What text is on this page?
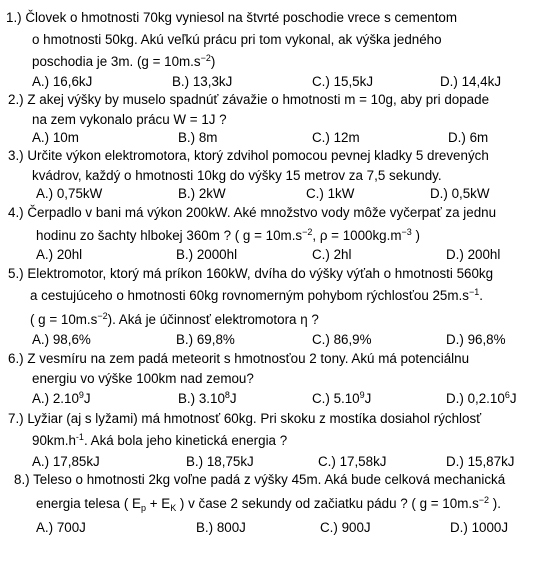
1.) Človek o hmotnosti 70kg vyniesol na štvrté poschodie vrece s cementom
o hmotnosti 50kg. Akú veľkú prácu pri tom vykonal, ak výška jedného
poschodia je 3m. $(g = 10m.s^{-2})$
A.) 16,6kJ	B.) 13,3kJ	C.) 15,5kJ	D.) 14,4kJ
2.) Z akej výšky by muselo spadnúť závažie o hmotnosti m = 10g, aby pri dopade
na zem vykonalo prácu W = 1J ?
A.) 10m	B.) 8m	C.) 12m	D.) 6m
3.) Určite výkon elektromotora, ktorý zdvihol pomocou pevnej kladky 5 drevených
kvádrov, každý o hmotnosti 10kg do výšky 15 metrov za 7,5 sekundy.
A.) 0,75kW	B.) 2kW	C.) 1kW	D.) 0,5kW
4.) Čerpadlo v bani má výkon 200kW. Aké množstvo vody môže vyčerpať za jednu
hodinu zo šachty hlbokej 360m ? ( $g = 10m.s^{-2}$, $\rho = 1000kg.m^{-3}$ )
A.) 20hl	B.) 2000hl	C.) 2hl	D.) 200hl
5.) Elektromotor, ktorý má príkon 160kW, dvíha do výšky výťah o hmotnosti 560kg
a cestujúceho o hmotnosti 60kg rovnomerným pohybom rýchlosťou $25m.s^{-1}$.
( $g = 10m.s^{-2}$). Aká je účinnosť elektromotora η ?
A.) 98,6%	B.) 69,8%	C.) 86,9%	D.) 96,8%
6.) Z vesmíru na zem padá meteorit s hmotnosťou 2 tony. Akú má potenciálnu
energiu vo výške 100km nad zemou?
A.) 2.10$^9$J	B.) 3.10$^8$J	C.) 5.10$^9$J	D.) 0,2.10$^6$J
7.) Lyžiar (aj s lyžami) má hmotnosť 60kg. Pri skoku z mostíka dosiahol rýchlosť
$90km.h^{-1}$. Aká bola jeho kinetická energia ?
A.) 17,85kJ	B.) 18,75kJ	C.) 17,58kJ	D.) 15,87kJ
8.) Teleso o hmotnosti 2kg voľne padá z výšky 45m. Aká bude celková mechanická
energia telesa ( $E_p + E_K$ ) v čase 2 sekundy od začiatku pádu ? ( $g = 10m.s^{-2}$ ).
A.) 700J	B.) 800J	C.) 900J	D.) 1000J
